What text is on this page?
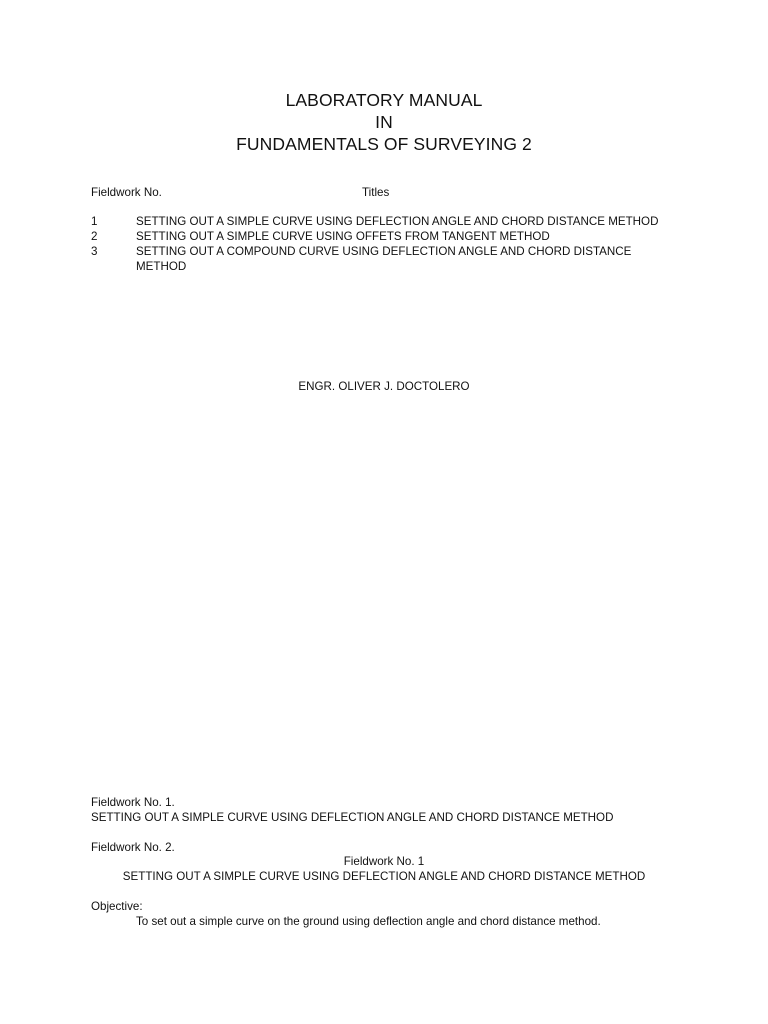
LABORATORY MANUAL
IN
FUNDAMENTALS OF SURVEYING 2
Fieldwork No.	Titles
1	SETTING OUT A SIMPLE CURVE USING DEFLECTION ANGLE AND CHORD DISTANCE METHOD
2	SETTING OUT A SIMPLE CURVE USING OFFETS FROM TANGENT METHOD
3	SETTING OUT A COMPOUND CURVE USING DEFLECTION ANGLE AND CHORD DISTANCE METHOD
ENGR. OLIVER J. DOCTOLERO
Fieldwork No. 1.
SETTING OUT A SIMPLE CURVE USING DEFLECTION ANGLE AND CHORD DISTANCE METHOD
Fieldwork No. 2.
Fieldwork No. 1
SETTING OUT A SIMPLE CURVE USING DEFLECTION ANGLE AND CHORD DISTANCE METHOD
Objective:
To set out a simple curve on the ground using deflection angle and chord distance method.
